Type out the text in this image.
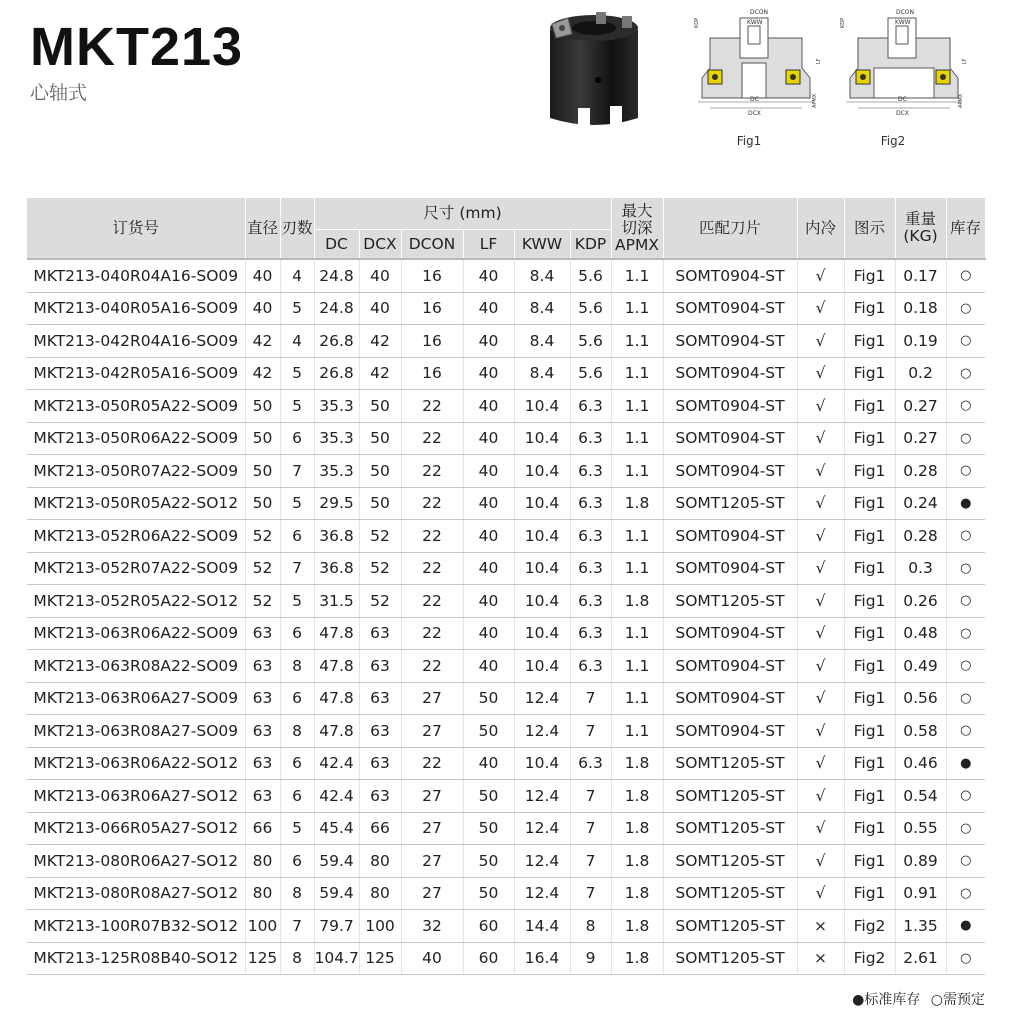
MKT213
心轴式
DCON
KWW
DC
DCX
KDP
LF
APMX
Fig1
DCON
KWW
DC
DCX
KDP
LF
APMX
Fig2
订货号	直径	刃数	尺寸 (mm)						最大
切深
APMX	匹配刀片	内冷	图示	重量
(KG)	库存
			DC	DCX	DCON	LF	KWW	KDP						
MKT213-040R04A16-SO09	40	4	24.8	40	16	40	8.4	5.6	1.1	SOMT0904-ST	√	Fig1	0.17	○
MKT213-040R05A16-SO09	40	5	24.8	40	16	40	8.4	5.6	1.1	SOMT0904-ST	√	Fig1	0.18	○
MKT213-042R04A16-SO09	42	4	26.8	42	16	40	8.4	5.6	1.1	SOMT0904-ST	√	Fig1	0.19	○
MKT213-042R05A16-SO09	42	5	26.8	42	16	40	8.4	5.6	1.1	SOMT0904-ST	√	Fig1	0.2	○
MKT213-050R05A22-SO09	50	5	35.3	50	22	40	10.4	6.3	1.1	SOMT0904-ST	√	Fig1	0.27	○
MKT213-050R06A22-SO09	50	6	35.3	50	22	40	10.4	6.3	1.1	SOMT0904-ST	√	Fig1	0.27	○
MKT213-050R07A22-SO09	50	7	35.3	50	22	40	10.4	6.3	1.1	SOMT0904-ST	√	Fig1	0.28	○
MKT213-050R05A22-SO12	50	5	29.5	50	22	40	10.4	6.3	1.8	SOMT1205-ST	√	Fig1	0.24	●
MKT213-052R06A22-SO09	52	6	36.8	52	22	40	10.4	6.3	1.1	SOMT0904-ST	√	Fig1	0.28	○
MKT213-052R07A22-SO09	52	7	36.8	52	22	40	10.4	6.3	1.1	SOMT0904-ST	√	Fig1	0.3	○
MKT213-052R05A22-SO12	52	5	31.5	52	22	40	10.4	6.3	1.8	SOMT1205-ST	√	Fig1	0.26	○
MKT213-063R06A22-SO09	63	6	47.8	63	22	40	10.4	6.3	1.1	SOMT0904-ST	√	Fig1	0.48	○
MKT213-063R08A22-SO09	63	8	47.8	63	22	40	10.4	6.3	1.1	SOMT0904-ST	√	Fig1	0.49	○
MKT213-063R06A27-SO09	63	6	47.8	63	27	50	12.4	7	1.1	SOMT0904-ST	√	Fig1	0.56	○
MKT213-063R08A27-SO09	63	8	47.8	63	27	50	12.4	7	1.1	SOMT0904-ST	√	Fig1	0.58	○
MKT213-063R06A22-SO12	63	6	42.4	63	22	40	10.4	6.3	1.8	SOMT1205-ST	√	Fig1	0.46	●
MKT213-063R06A27-SO12	63	6	42.4	63	27	50	12.4	7	1.8	SOMT1205-ST	√	Fig1	0.54	○
MKT213-066R05A27-SO12	66	5	45.4	66	27	50	12.4	7	1.8	SOMT1205-ST	√	Fig1	0.55	○
MKT213-080R06A27-SO12	80	6	59.4	80	27	50	12.4	7	1.8	SOMT1205-ST	√	Fig1	0.89	○
MKT213-080R08A27-SO12	80	8	59.4	80	27	50	12.4	7	1.8	SOMT1205-ST	√	Fig1	0.91	○
MKT213-100R07B32-SO12	100	7	79.7	100	32	60	14.4	8	1.8	SOMT1205-ST	×	Fig2	1.35	●
MKT213-125R08B40-SO12	125	8	104.7	125	40	60	16.4	9	1.8	SOMT1205-ST	×	Fig2	2.61	○
●标准库存 ○需预定
